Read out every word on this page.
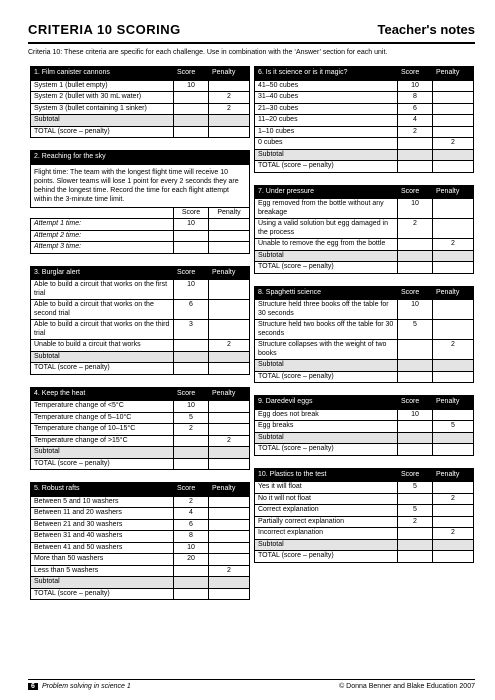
CRITERIA 10 SCORING	Teacher's notes
Criteria 10: These criteria are specific for each challenge. Use in combination with the ‘Answer’ section for each unit.
1. Film canister cannons	Score	Penalty
System 1 (bullet empty)	10	
System 2 (bullet with 30 mL water)		2
System 3 (bullet containing 1 sinker)		2
Subtotal		
TOTAL (score – penalty)		
2. Reaching for the sky		
Flight time: The team with the longest flight time will receive 10 points. Slower teams will lose 1 point for every 2 seconds they are behind the longest time. Record the time for each flight attempt within the 3-minute time limit.		
	Score	Penalty
Attempt 1 time:	10	
Attempt 2 time:		
Attempt 3 time:		
3. Burglar alert	Score	Penalty
Able to build a circuit that works on the first trial	10	
Able to build a circuit that works on the second trial	6	
Able to build a circuit that works on the third trial	3	
Unable to build a circuit that works		2
Subtotal		
TOTAL (score – penalty)		
4. Keep the heat	Score	Penalty
Temperature change of <5°C	10	
Temperature change of 5–10°C	5	
Temperature change of 10–15°C	2	
Temperature change of >15°C		2
Subtotal		
TOTAL (score – penalty)		
5. Robust rafts	Score	Penalty
Between 5 and 10 washers	2	
Between 11 and 20 washers	4	
Between 21 and 30 washers	6	
Between 31 and 40 washers	8	
Between 41 and 50 washers	10	
More than 50 washers	20	
Less than 5 washers		2
Subtotal		
TOTAL (score – penalty)		
6. Is it science or is it magic?	Score	Penalty
41–50 cubes	10	
31–40 cubes	8	
21–30 cubes	6	
11–20 cubes	4	
1–10 cubes	2	
0 cubes		2
Subtotal		
TOTAL (score – penalty)		
7. Under pressure	Score	Penalty
Egg removed from the bottle without any breakage	10	
Using a valid solution but egg damaged in the process	2	
Unable to remove the egg from the bottle		2
Subtotal		
TOTAL (score – penalty)		
8. Spaghetti science	Score	Penalty
Structure held three books off the table for 30 seconds	10	
Structure held two books off the table for 30 seconds	5	
Structure collapses with the weight of two books		2
Subtotal		
TOTAL (score – penalty)		
9. Daredevil eggs	Score	Penalty
Egg does not break	10	
Egg breaks		5
Subtotal		
TOTAL (score – penalty)		
10. Plastics to the test	Score	Penalty
Yes it will float	5	
No it will not float		2
Correct explanation	5	
Partially correct explanation	2	
Incorrect explanation		2
Subtotal		
TOTAL (score – penalty)		
6	Problem solving in science 1	© Donna Benner and Blake Education 2007
